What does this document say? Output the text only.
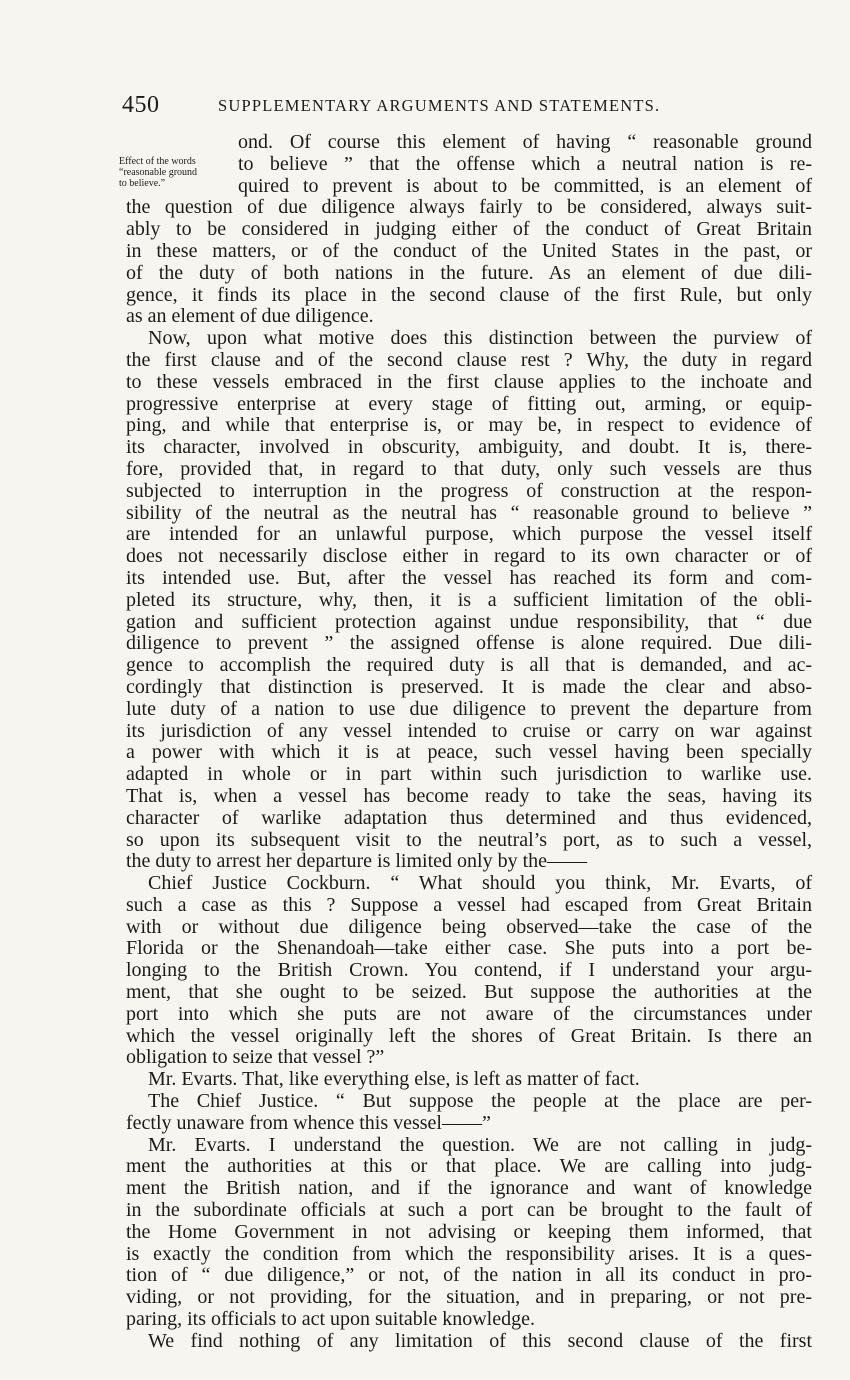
450	SUPPLEMENTARY ARGUMENTS AND STATEMENTS.
Effect of the words
“reasonable ground
to believe.”
ond. Of course this element of having “ reasonable ground
to believe ” that the offense which a neutral nation is re-
quired to prevent is about to be committed, is an element of
the question of due diligence always fairly to be considered, always suit-
ably to be considered in judging either of the conduct of Great Britain
in these matters, or of the conduct of the United States in the past, or
of the duty of both nations in the future. As an element of due dili-
gence, it finds its place in the second clause of the first Rule, but only
as an element of due diligence.
Now, upon what motive does this distinction between the purview of
the first clause and of the second clause rest ? Why, the duty in regard
to these vessels embraced in the first clause applies to the inchoate and
progressive enterprise at every stage of fitting out, arming, or equip-
ping, and while that enterprise is, or may be, in respect to evidence of
its character, involved in obscurity, ambiguity, and doubt. It is, there-
fore, provided that, in regard to that duty, only such vessels are thus
subjected to interruption in the progress of construction at the respon-
sibility of the neutral as the neutral has “ reasonable ground to believe ”
are intended for an unlawful purpose, which purpose the vessel itself
does not necessarily disclose either in regard to its own character or of
its intended use. But, after the vessel has reached its form and com-
pleted its structure, why, then, it is a sufficient limitation of the obli-
gation and sufficient protection against undue responsibility, that “ due
diligence to prevent ” the assigned offense is alone required. Due dili-
gence to accomplish the required duty is all that is demanded, and ac-
cordingly that distinction is preserved. It is made the clear and abso-
lute duty of a nation to use due diligence to prevent the departure from
its jurisdiction of any vessel intended to cruise or carry on war against
a power with which it is at peace, such vessel having been specially
adapted in whole or in part within such jurisdiction to warlike use.
That is, when a vessel has become ready to take the seas, having its
character of warlike adaptation thus determined and thus evidenced,
so upon its subsequent visit to the neutral’s port, as to such a vessel,
the duty to arrest her departure is limited only by the——
Chief Justice Cockburn. “ What should you think, Mr. Evarts, of
such a case as this ? Suppose a vessel had escaped from Great Britain
with or without due diligence being observed—take the case of the
Florida or the Shenandoah—take either case. She puts into a port be-
longing to the British Crown. You contend, if I understand your argu-
ment, that she ought to be seized. But suppose the authorities at the
port into which she puts are not aware of the circumstances under
which the vessel originally left the shores of Great Britain. Is there an
obligation to seize that vessel ?”
Mr. Evarts. That, like everything else, is left as matter of fact.
The Chief Justice. “ But suppose the people at the place are per-
fectly unaware from whence this vessel——”
Mr. Evarts. I understand the question. We are not calling in judg-
ment the authorities at this or that place. We are calling into judg-
ment the British nation, and if the ignorance and want of knowledge
in the subordinate officials at such a port can be brought to the fault of
the Home Government in not advising or keeping them informed, that
is exactly the condition from which the responsibility arises. It is a ques-
tion of “ due diligence,” or not, of the nation in all its conduct in pro-
viding, or not providing, for the situation, and in preparing, or not pre-
paring, its officials to act upon suitable knowledge.
We find nothing of any limitation of this second clause of the first
